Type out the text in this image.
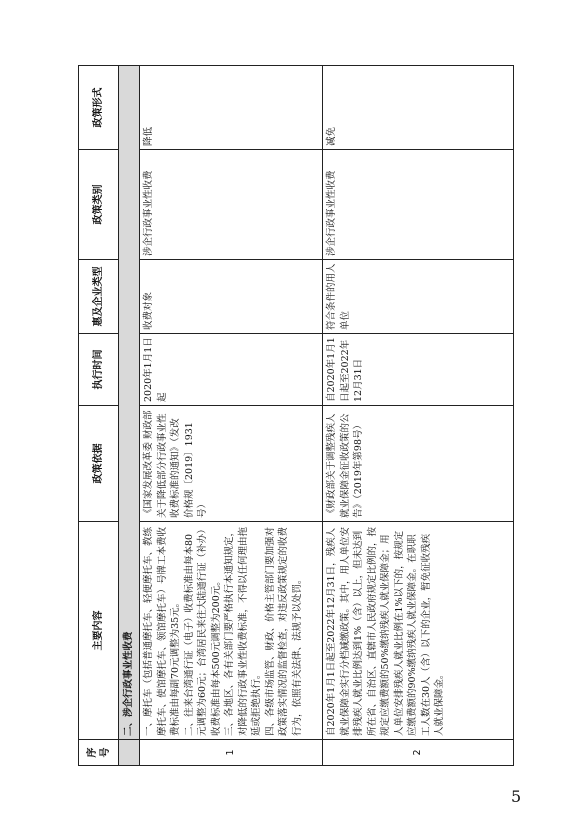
序号	主要内容	政策依据	执行时间	惠及企业类型	政策类别	政策形式
	二、涉企行政事业性收费					
1	一、摩托车（包括普通摩托车、轻便摩托车、教练摩托车、使馆摩托车、领馆摩托车）号牌工本费收费标准由每副70元调整为35元。 二、往来台湾通行证（电子）收费标准由每本80元调整为60元；台湾居民来往大陆通行证（补办）收费标准由每本500元调整为200元。 三、各地区、各有关部门要严格执行本通知规定，对降低的行政事业性收费标准，不得以任何理由拖延或拒绝执行。 四、各级市场监管、财政、价格主管部门要加强对政策落实情况的监督检查，对违反政策规定的收费行为，依照有关法律、法规予以处罚。	《国家发展改革委 财政部关于降低部分行政事业性收费标准的通知》（发改价格规〔2019〕1931号）	2020年1月1日起	收费对象	涉企行政事业性收费	降低
2	自2020年1月1日起至2022年12月31日，残疾人就业保障金实行分档减缴政策。其中，用人单位安排残疾人就业比例达到1%（含）以上，但未达到所在省、自治区、直辖市人民政府规定比例的，按规定应缴费额的50%缴纳残疾人就业保障金；用人单位安排残疾人就业比例在1%以下的，按规定应缴费额的90%缴纳残疾人就业保障金。在职职工人数在30人（含）以下的企业，暂免征收残疾人就业保障金。	《财政部关于调整残疾人就业保障金征收政策的公告》（2019年第98号）	自2020年1月1日起至2022年12月31日	符合条件的用人单位	涉企行政事业性收费	减免
5
